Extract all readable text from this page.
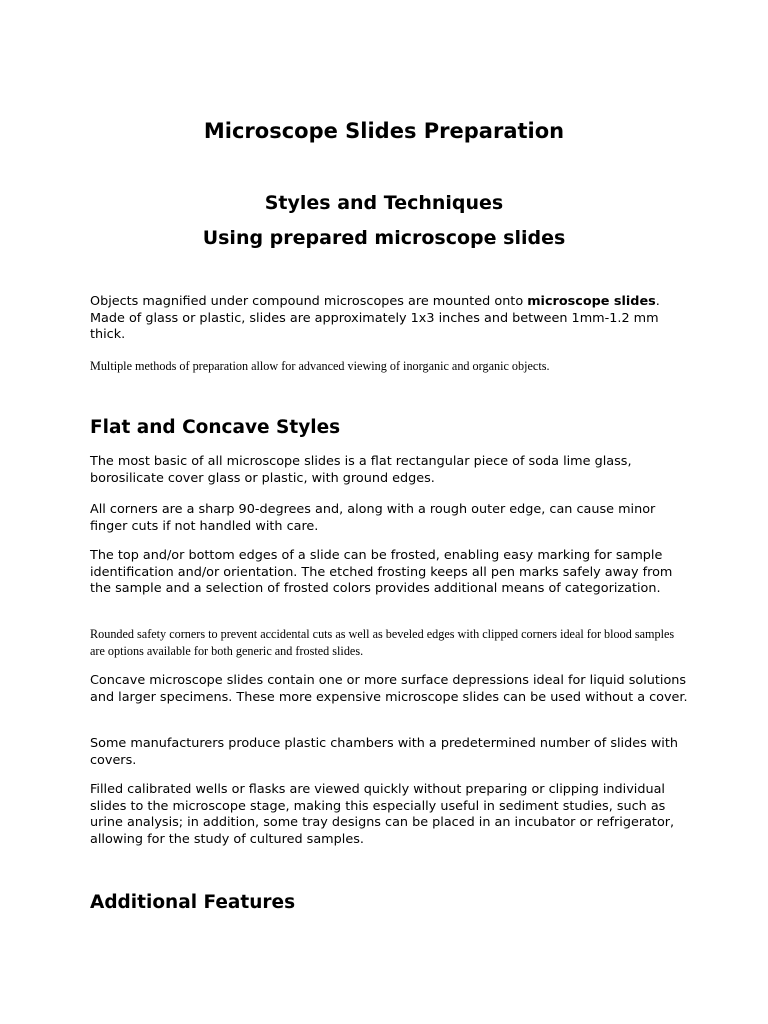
Microscope Slides Preparation
Styles and Techniques
Using prepared microscope slides

Objects magnified under compound microscopes are mounted onto microscope slides. Made of glass or plastic, slides are approximately 1x3 inches and between 1mm-1.2 mm thick.

Multiple methods of preparation allow for advanced viewing of inorganic and organic objects.

Flat and Concave Styles

The most basic of all microscope slides is a flat rectangular piece of soda lime glass, borosilicate cover glass or plastic, with ground edges.

All corners are a sharp 90-degrees and, along with a rough outer edge, can cause minor finger cuts if not handled with care.

The top and/or bottom edges of a slide can be frosted, enabling easy marking for sample identification and/or orientation. The etched frosting keeps all pen marks safely away from the sample and a selection of frosted colors provides additional means of categorization.

Rounded safety corners to prevent accidental cuts as well as beveled edges with clipped corners ideal for blood samples are options available for both generic and frosted slides.

Concave microscope slides contain one or more surface depressions ideal for liquid solutions and larger specimens. These more expensive microscope slides can be used without a cover.

Some manufacturers produce plastic chambers with a predetermined number of slides with covers.

Filled calibrated wells or flasks are viewed quickly without preparing or clipping individual slides to the microscope stage, making this especially useful in sediment studies, such as urine analysis; in addition, some tray designs can be placed in an incubator or refrigerator, allowing for the study of cultured samples.

Additional Features
